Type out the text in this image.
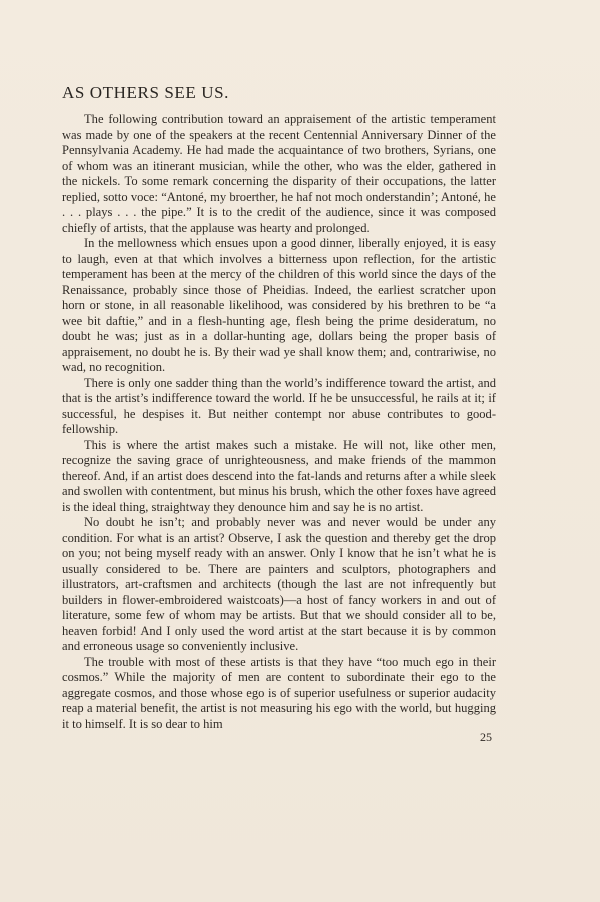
AS OTHERS SEE US.

The following contribution toward an appraisement of the artistic temperament was made by one of the speakers at the recent Centennial Anniversary Dinner of the Pennsylvania Academy. He had made the acquaintance of two brothers, Syrians, one of whom was an itinerant musician, while the other, who was the elder, gathered in the nickels. To some remark concerning the disparity of their occupations, the latter replied, sotto voce: “Antoné, my broerther, he haf not moch onderstandin’; Antoné, he . . . plays . . . the pipe.” It is to the credit of the audience, since it was composed chiefly of artists, that the applause was hearty and prolonged.

In the mellowness which ensues upon a good dinner, liberally enjoyed, it is easy to laugh, even at that which involves a bitterness upon reflection, for the artistic temperament has been at the mercy of the children of this world since the days of the Renaissance, probably since those of Pheidias. Indeed, the earliest scratcher upon horn or stone, in all reasonable likelihood, was considered by his brethren to be “a wee bit daftie,” and in a flesh-hunting age, flesh being the prime desideratum, no doubt he was; just as in a dollar-hunting age, dollars being the proper basis of appraisement, no doubt he is. By their wad ye shall know them; and, contrariwise, no wad, no recognition.

There is only one sadder thing than the world’s indifference toward the artist, and that is the artist’s indifference toward the world. If he be unsuccessful, he rails at it; if successful, he despises it. But neither contempt nor abuse contributes to good-fellowship.

This is where the artist makes such a mistake. He will not, like other men, recognize the saving grace of unrighteousness, and make friends of the mammon thereof. And, if an artist does descend into the fat-lands and returns after a while sleek and swollen with contentment, but minus his brush, which the other foxes have agreed is the ideal thing, straightway they denounce him and say he is no artist.

No doubt he isn’t; and probably never was and never would be under any condition. For what is an artist? Observe, I ask the question and thereby get the drop on you; not being myself ready with an answer. Only I know that he isn’t what he is usually considered to be. There are painters and sculptors, photographers and illustrators, art-craftsmen and architects (though the last are not infrequently but builders in flower-embroidered waistcoats)—a host of fancy workers in and out of literature, some few of whom may be artists. But that we should consider all to be, heaven forbid! And I only used the word artist at the start because it is by common and erroneous usage so conveniently inclusive.

The trouble with most of these artists is that they have “too much ego in their cosmos.” While the majority of men are content to subordinate their ego to the aggregate cosmos, and those whose ego is of superior usefulness or superior audacity reap a material benefit, the artist is not measuring his ego with the world, but hugging it to himself. It is so dear to him

25
